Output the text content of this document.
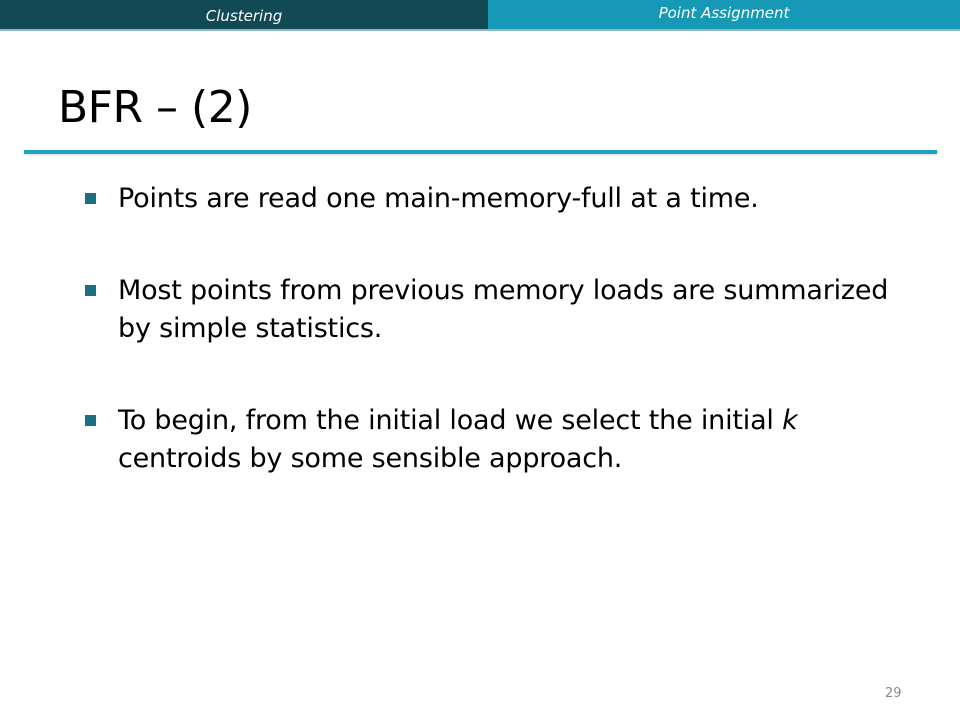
Clustering	Point Assignment
BFR – (2)
Points are read one main-memory-full at a time.
Most points from previous memory loads are summarized by simple statistics.
To begin, from the initial load we select the initial k centroids by some sensible approach.
29
